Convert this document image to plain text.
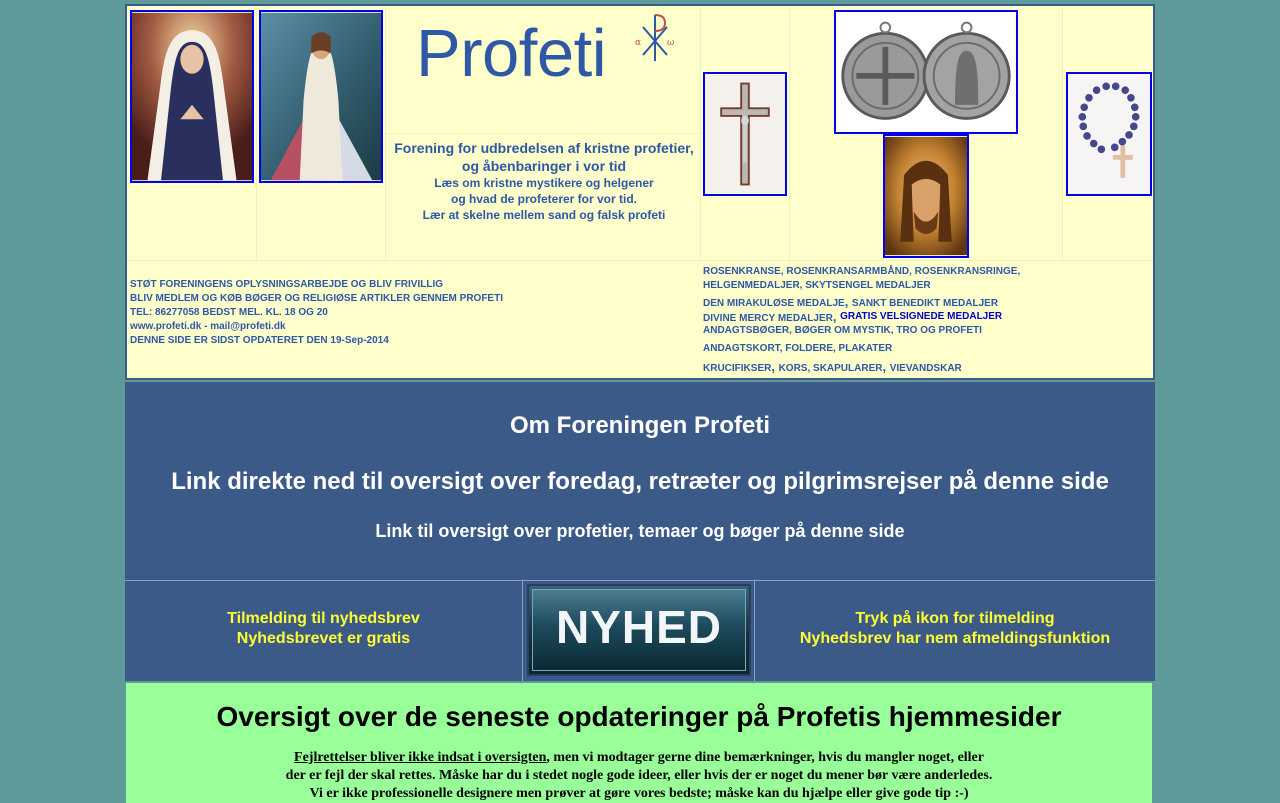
Profeti	α	ω
Forening for udbredelsen af kristne profetier, og åbenbaringer i vor tid
Læs om kristne mystikere og helgener
og hvad de profeterer for vor tid.
Lær at skelne mellem sand og falsk profeti
STØT FORENINGENS OPLYSNINGSARBEJDE OG BLIV FRIVILLIG
BLIV MEDLEM OG KØB BØGER OG RELIGIØSE ARTIKLER GENNEM PROFETI
TEL: 86277058 BEDST MEL. KL. 18 OG 20
www.profeti.dk - mail@profeti.dk
DENNE SIDE ER SIDST OPDATERET DEN 19-Sep-2014
ROSENKRANSE, ROSENKRANSARMBÅND, ROSENKRANSRINGE,
HELGENMEDALJER, SKYTSENGEL MEDALJER
DEN MIRAKULØSE MEDALJE, SANKT BENEDIKT MEDALJER
DIVINE MERCY MEDALJER, GRATIS VELSIGNEDE MEDALJER
ANDAGTSBØGER, BØGER OM MYSTIK, TRO OG PROFETI
ANDAGTSKORT, FOLDERE, PLAKATER
KRUCIFIKSER, KORS, SKAPULARER, VIEVANDSKAR
Om Foreningen Profeti
Link direkte ned til oversigt over foredag, retræter og pilgrimsrejser på denne side
Link til oversigt over profetier, temaer og bøger på denne side
Tilmelding til nyhedsbrev
Nyhedsbrevet er gratis	NYHED	Tryk på ikon for tilmelding
Nyhedsbrev har nem afmeldingsfunktion
Oversigt over de seneste opdateringer på Profetis hjemmesider
Fejlrettelser bliver ikke indsat i oversigten, men vi modtager gerne dine bemærkninger, hvis du mangler noget, eller
der er fejl der skal rettes. Måske har du i stedet nogle gode ideer, eller hvis der er noget du mener bør være anderledes.
Vi er ikke professionelle designere men prøver at gøre vores bedste; måske kan du hjælpe eller give gode tip :-)
